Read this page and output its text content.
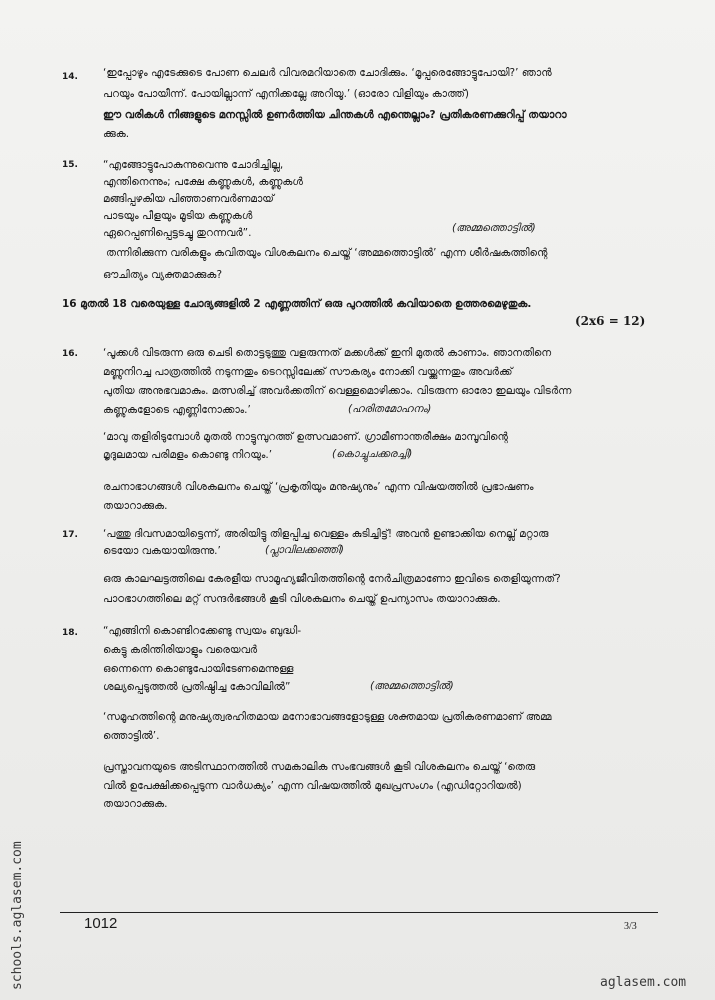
14. ‘ഇപ്പോഴും എടേക്കുടെ പോണ ചെലർ വിവരമറിയാതെ ചോദിക്കും. ‘മൂപ്പരെങ്ങോട്ടുപോയി?’ ഞാൻ
പറയും പോയീന്ന്. പോയില്ലാന്ന് എനിക്കല്ലേ അറിയൂ.’ (ഓരോ വിളിയും കാത്ത്)
ഈ വരികൾ നിങ്ങളുടെ മനസ്സിൽ ഉണർത്തിയ ചിന്തകൾ എന്തെല്ലാം? പ്രതികരണക്കുറിപ്പ് തയാറാ
ക്കുക.
15. “എങ്ങോട്ടുപോകുന്നുവെന്നു ചോദിച്ചില്ല,
എന്തിനെന്നും; പക്ഷേ കണ്ണുകൾ, കണ്ണുകൾ
മങ്ങിപ്പഴകിയ പിഞ്ഞാണവർണമായ്
പാടയും പീളയും മൂടിയ കണ്ണുകൾ
ഏറെപ്പണിപ്പെട്ടടച്ചു തുറന്നവർ”.	(അമ്മത്തൊട്ടിൽ)
തന്നിരിക്കുന്ന വരികളും കവിതയും വിശകലനം ചെയ്ത് ‘അമ്മത്തൊട്ടിൽ’ എന്ന ശീർഷകത്തിന്റെ
ഔചിത്യം വ്യക്തമാക്കുക?
16 മുതൽ 18 വരെയുള്ള ചോദ്യങ്ങളിൽ 2 എണ്ണത്തിന് ഒരു പുറത്തിൽ കവിയാതെ ഉത്തരമെഴുതുക.
(2x6 = 12)
16. ‘പൂക്കൾ വിടരുന്ന ഒരു ചെടി തൊട്ടടുത്തു വളരുന്നത് മക്കൾക്ക് ഇനി മുതൽ കാണാം. ഞാനതിനെ
മണ്ണുനിറച്ച പാത്രത്തിൽ നടുന്നതും ടെറസ്സിലേക്ക് സൗകര്യം നോക്കി വയ്ക്കുന്നതും അവർക്ക്
പുതിയ അനുഭവമാകും. മത്സരിച്ച് അവർക്കതിന് വെള്ളമൊഴിക്കാം. വിടരുന്ന ഓരോ ഇലയും വിടർന്ന
കണ്ണുകളോടെ എണ്ണിനോക്കാം.’	(ഹരിതമോഹനം)
‘മാവു തളിരിടുമ്പോൾ മുതൽ നാട്ടുമ്പുറത്ത് ഉത്സവമാണ്. ഗ്രാമീണാന്തരീക്ഷം മാമ്പൂവിന്റെ
മൃദുലമായ പരിമളം കൊണ്ടു നിറയും.’	(കൊച്ചുചക്കരച്ചി)
രചനാഭാഗങ്ങൾ വിശകലനം ചെയ്ത് ‘പ്രകൃതിയും മനുഷ്യനും’ എന്ന വിഷയത്തിൽ പ്രഭാഷണം
തയാറാക്കുക.
17. ‘പത്തു ദിവസമായിട്ടെന്ന്, അരിയിട്ടു തിളപ്പിച്ച വെള്ളം കുടിച്ചിട്ട്! അവൻ ഉണ്ടാക്കിയ നെല്ല് മറ്റാരു
ടെയോ വകയായിരുന്നു.’	(പ്ലാവിലക്കഞ്ഞി)
ഒരു കാലഘട്ടത്തിലെ കേരളീയ സാമൂഹ്യജീവിതത്തിന്റെ നേർചിത്രമാണോ ഇവിടെ തെളിയുന്നത്?
പാഠഭാഗത്തിലെ മറ്റ് സന്ദർഭങ്ങൾ കൂടി വിശകലനം ചെയ്ത് ഉപന്യാസം തയാറാക്കുക.
18. “എങ്ങിനി കൊണ്ടിറക്കേണ്ടു സ്വയം ബുദ്ധി-
കെട്ടു കരിന്തിരിയാളും വരെയവർ
ഒന്നെന്നെ കൊണ്ടുപോയിടേണമെന്നുള്ള
ശല്യപ്പെടുത്തൽ പ്രതിഷ്ഠിച്ച കോവിലിൽ”	(അമ്മത്തൊട്ടിൽ)
‘സമൂഹത്തിന്റെ മനുഷ്യത്വരഹിതമായ മനോഭാവങ്ങളോടുള്ള ശക്തമായ പ്രതികരണമാണ് അമ്മ
ത്തൊട്ടിൽ’.
പ്രസ്താവനയുടെ അടിസ്ഥാനത്തിൽ സമകാലിക സംഭവങ്ങൾ കൂടി വിശകലനം ചെയ്ത് ‘തെരു
വിൽ ഉപേക്ഷിക്കപ്പെടുന്ന വാർധക്യം’ എന്ന വിഷയത്തിൽ മുഖപ്രസംഗം (എഡിറ്റോറിയൽ)
തയാറാക്കുക.
1012	3/3
schools.aglasem.com	aglasem.com
